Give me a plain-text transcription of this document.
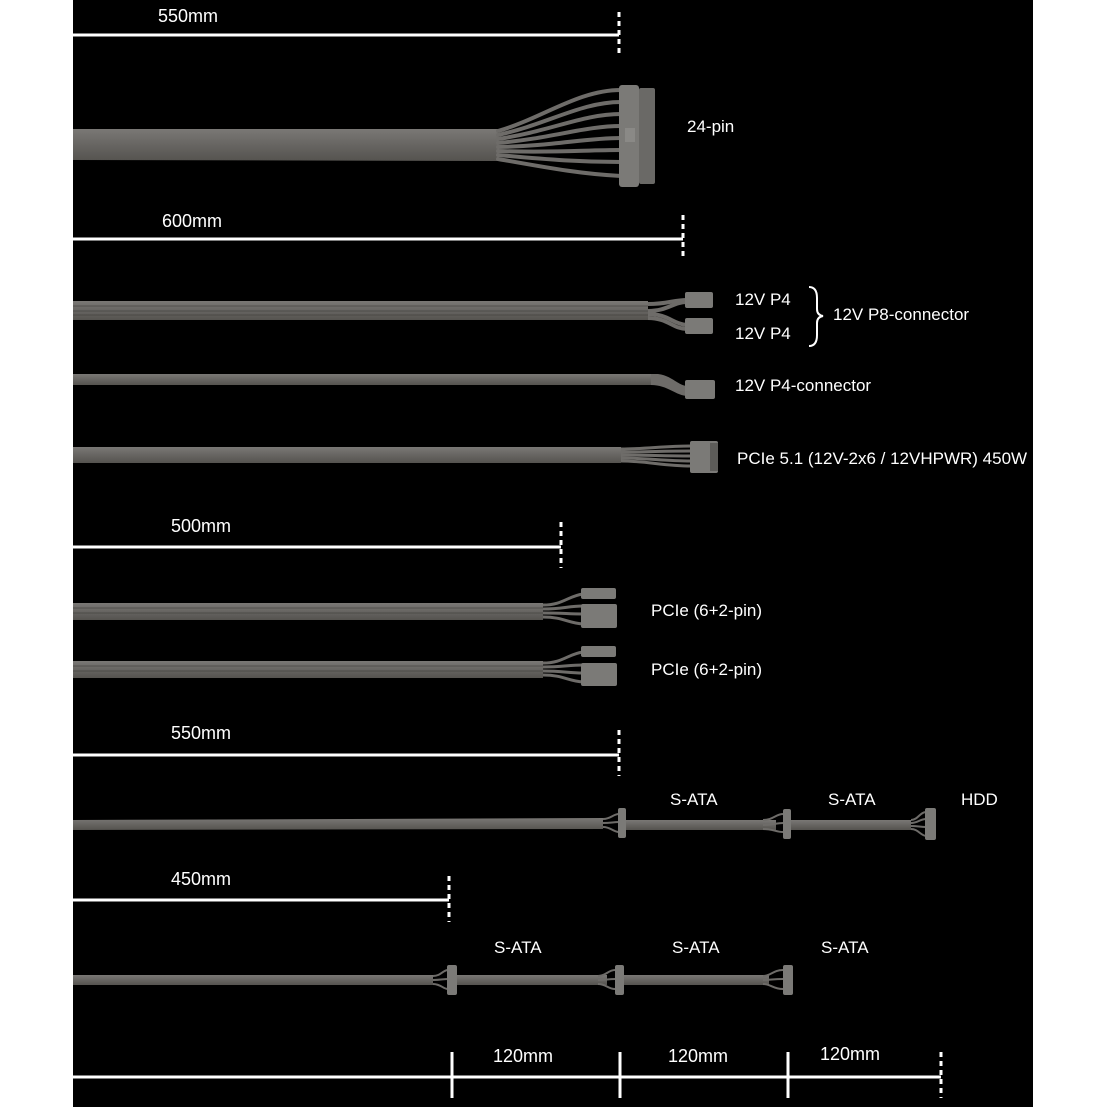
550mm
24-pin
600mm
12V P4
12V P4
12V P8-connector
12V P4-connector
PCIe 5.1 (12V-2x6 / 12VHPWR) 450W
500mm
PCIe (6+2-pin)
PCIe (6+2-pin)
550mm
S-ATA	S-ATA	HDD
450mm
S-ATA	S-ATA	S-ATA
120mm	120mm	120mm
